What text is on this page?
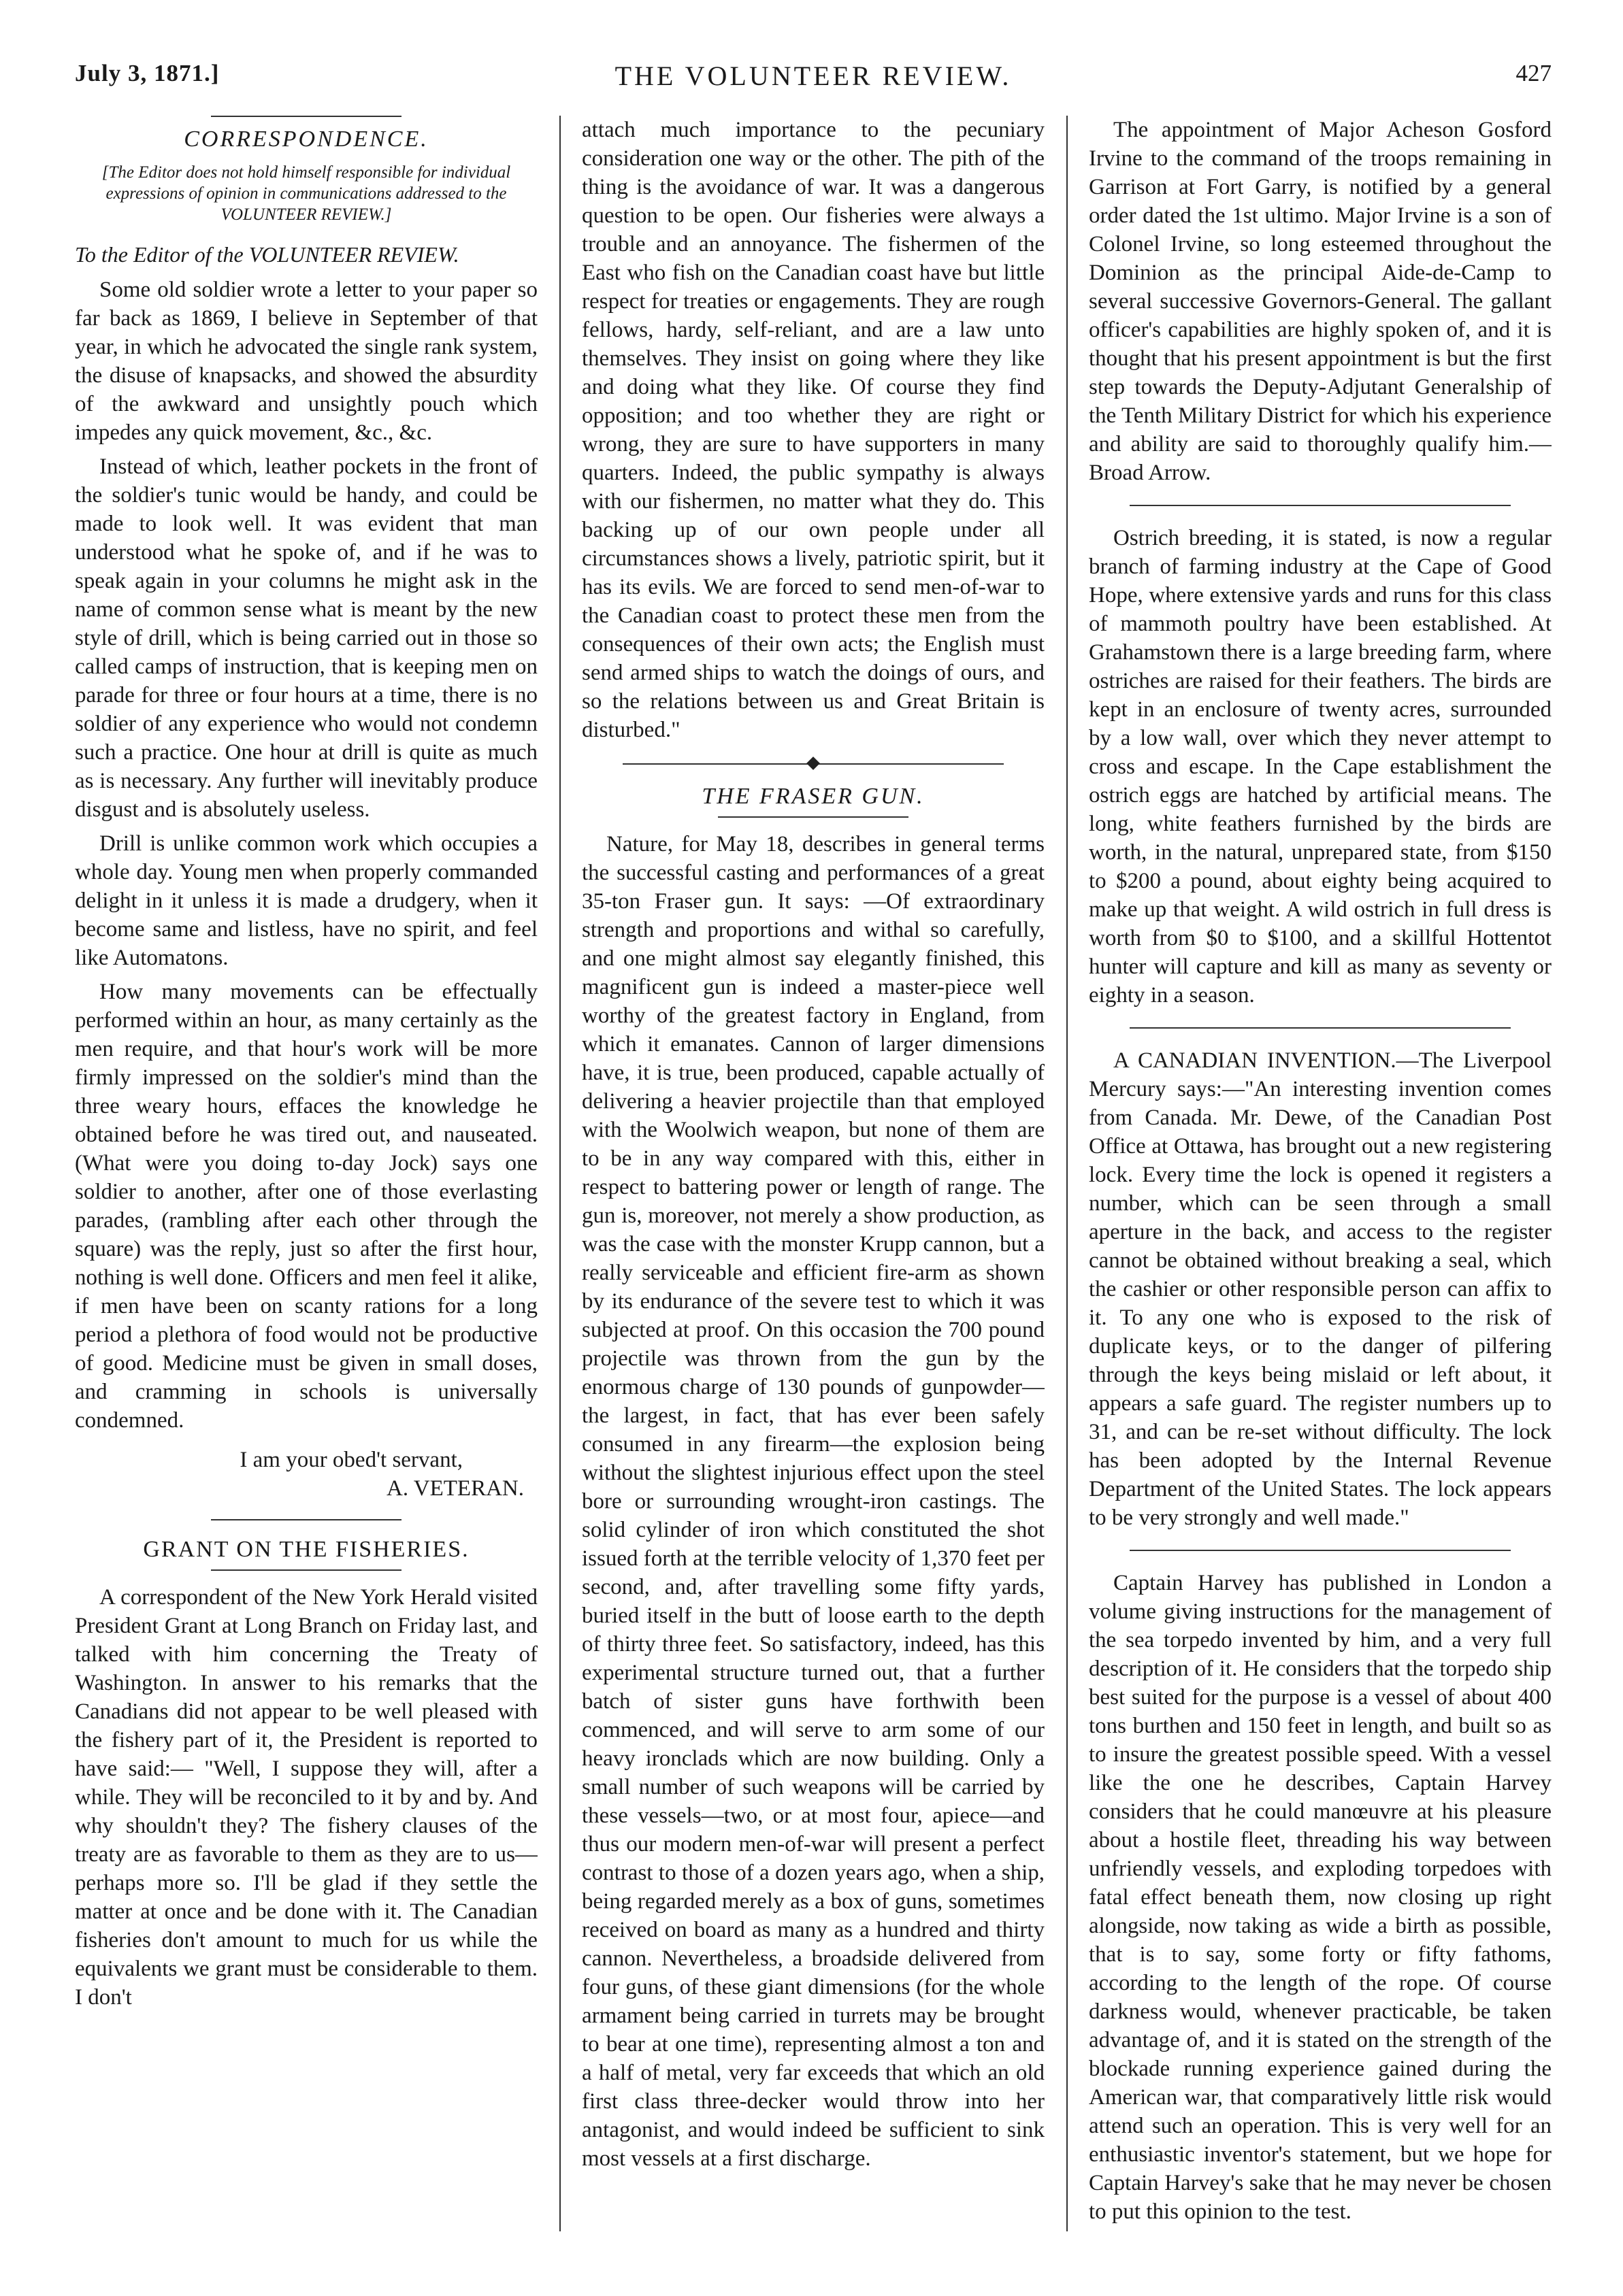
July 3, 1871.]	THE VOLUNTEER REVIEW.	427
CORRESPONDENCE.
[The Editor does not hold himself responsible for individual expressions of opinion in communications addressed to the VOLUNTEER REVIEW.]
To the Editor of the VOLUNTEER REVIEW.

Some old soldier wrote a letter to your paper so far back as 1869, I believe in September of that year, in which he advocated the single rank system, the disuse of knapsacks, and showed the absurdity of the awkward and unsightly pouch which impedes any quick movement, &c., &c.

Instead of which, leather pockets in the front of the soldier's tunic would be handy, and could be made to look well. It was evident that man understood what he spoke of, and if he was to speak again in your columns he might ask in the name of common sense what is meant by the new style of drill, which is being carried out in those so called camps of instruction, that is keeping men on parade for three or four hours at a time, there is no soldier of any experience who would not condemn such a practice. One hour at drill is quite as much as is necessary. Any further will inevitably produce disgust and is absolutely useless.

Drill is unlike common work which occupies a whole day. Young men when properly commanded delight in it unless it is made a drudgery, when it become same and listless, have no spirit, and feel like Automatons.

How many movements can be effectually performed within an hour, as many certainly as the men require, and that hour's work will be more firmly impressed on the soldier's mind than the three weary hours, effaces the knowledge he obtained before he was tired out, and nauseated. (What were you doing to-day Jock) says one soldier to another, after one of those everlasting parades, (rambling after each other through the square) was the reply, just so after the first hour, nothing is well done. Officers and men feel it alike, if men have been on scanty rations for a long period a plethora of food would not be productive of good. Medicine must be given in small doses, and cramming in schools is universally condemned.

I am your obed't servant,
A. VETERAN.
GRANT ON THE FISHERIES.

A correspondent of the New York Herald visited President Grant at Long Branch on Friday last, and talked with him concerning the Treaty of Washington. In answer to his remarks that the Canadians did not appear to be well pleased with the fishery part of it, the President is reported to have said:— "Well, I suppose they will, after a while. They will be reconciled to it by and by. And why shouldn't they? The fishery clauses of the treaty are as favorable to them as they are to us—perhaps more so. I'll be glad if they settle the matter at once and be done with it. The Canadian fisheries don't amount to much for us while the equivalents we grant must be considerable to them. I don't

attach much importance to the pecuniary consideration one way or the other. The pith of the thing is the avoidance of war. It was a dangerous question to be open. Our fisheries were always a trouble and an annoyance. The fishermen of the East who fish on the Canadian coast have but little respect for treaties or engagements. They are rough fellows, hardy, self-reliant, and are a law unto themselves. They insist on going where they like and doing what they like. Of course they find opposition; and too whether they are right or wrong, they are sure to have supporters in many quarters. Indeed, the public sympathy is always with our fishermen, no matter what they do. This backing up of our own people under all circumstances shows a lively, patriotic spirit, but it has its evils. We are forced to send men-of-war to the Canadian coast to protect these men from the consequences of their own acts; the English must send armed ships to watch the doings of ours, and so the relations between us and Great Britain is disturbed."

THE FRASER GUN.

Nature, for May 18, describes in general terms the successful casting and performances of a great 35-ton Fraser gun. It says: —Of extraordinary strength and proportions and withal so carefully, and one might almost say elegantly finished, this magnificent gun is indeed a master-piece well worthy of the greatest factory in England, from which it emanates. Cannon of larger dimensions have, it is true, been produced, capable actually of delivering a heavier projectile than that employed with the Woolwich weapon, but none of them are to be in any way compared with this, either in respect to battering power or length of range. The gun is, moreover, not merely a show production, as was the case with the monster Krupp cannon, but a really serviceable and efficient fire-arm as shown by its endurance of the severe test to which it was subjected at proof. On this occasion the 700 pound projectile was thrown from the gun by the enormous charge of 130 pounds of gunpowder—the largest, in fact, that has ever been safely consumed in any firearm—the explosion being without the slightest injurious effect upon the steel bore or surrounding wrought-iron castings. The solid cylinder of iron which constituted the shot issued forth at the terrible velocity of 1,370 feet per second, and, after travelling some fifty yards, buried itself in the butt of loose earth to the depth of thirty three feet. So satisfactory, indeed, has this experimental structure turned out, that a further batch of sister guns have forthwith been commenced, and will serve to arm some of our heavy ironclads which are now building. Only a small number of such weapons will be carried by these vessels—two, or at most four, apiece—and thus our modern men-of-war will present a perfect contrast to those of a dozen years ago, when a ship, being regarded merely as a box of guns, sometimes received on board as many as a hundred and thirty cannon. Nevertheless, a broadside delivered from four guns, of these giant dimensions (for the whole armament being carried in turrets may be brought to bear at one time), representing almost a ton and a half of metal, very far exceeds that which an old first class three-decker would throw into her antagonist, and would indeed be sufficient to sink most vessels at a first discharge.

The appointment of Major Acheson Gosford Irvine to the command of the troops remaining in Garrison at Fort Garry, is notified by a general order dated the 1st ultimo. Major Irvine is a son of Colonel Irvine, so long esteemed throughout the Dominion as the principal Aide-de-Camp to several successive Governors-General. The gallant officer's capabilities are highly spoken of, and it is thought that his present appointment is but the first step towards the Deputy-Adjutant Generalship of the Tenth Military District for which his experience and ability are said to thoroughly qualify him.—Broad Arrow.

Ostrich breeding, it is stated, is now a regular branch of farming industry at the Cape of Good Hope, where extensive yards and runs for this class of mammoth poultry have been established. At Grahamstown there is a large breeding farm, where ostriches are raised for their feathers. The birds are kept in an enclosure of twenty acres, surrounded by a low wall, over which they never attempt to cross and escape. In the Cape establishment the ostrich eggs are hatched by artificial means. The long, white feathers furnished by the birds are worth, in the natural, unprepared state, from $150 to $200 a pound, about eighty being acquired to make up that weight. A wild ostrich in full dress is worth from $0 to $100, and a skillful Hottentot hunter will capture and kill as many as seventy or eighty in a season.

A CANADIAN INVENTION.—The Liverpool Mercury says:—"An interesting invention comes from Canada. Mr. Dewe, of the Canadian Post Office at Ottawa, has brought out a new registering lock. Every time the lock is opened it registers a number, which can be seen through a small aperture in the back, and access to the register cannot be obtained without breaking a seal, which the cashier or other responsible person can affix to it. To any one who is exposed to the risk of duplicate keys, or to the danger of pilfering through the keys being mislaid or left about, it appears a safe guard. The register numbers up to 31, and can be re-set without difficulty. The lock has been adopted by the Internal Revenue Department of the United States. The lock appears to be very strongly and well made."

Captain Harvey has published in London a volume giving instructions for the management of the sea torpedo invented by him, and a very full description of it. He considers that the torpedo ship best suited for the purpose is a vessel of about 400 tons burthen and 150 feet in length, and built so as to insure the greatest possible speed. With a vessel like the one he describes, Captain Harvey considers that he could manœuvre at his pleasure about a hostile fleet, threading his way between unfriendly vessels, and exploding torpedoes with fatal effect beneath them, now closing up right alongside, now taking as wide a birth as possible, that is to say, some forty or fifty fathoms, according to the length of the rope. Of course darkness would, whenever practicable, be taken advantage of, and it is stated on the strength of the blockade running experience gained during the American war, that comparatively little risk would attend such an operation. This is very well for an enthusiastic inventor's statement, but we hope for Captain Harvey's sake that he may never be chosen to put this opinion to the test.
